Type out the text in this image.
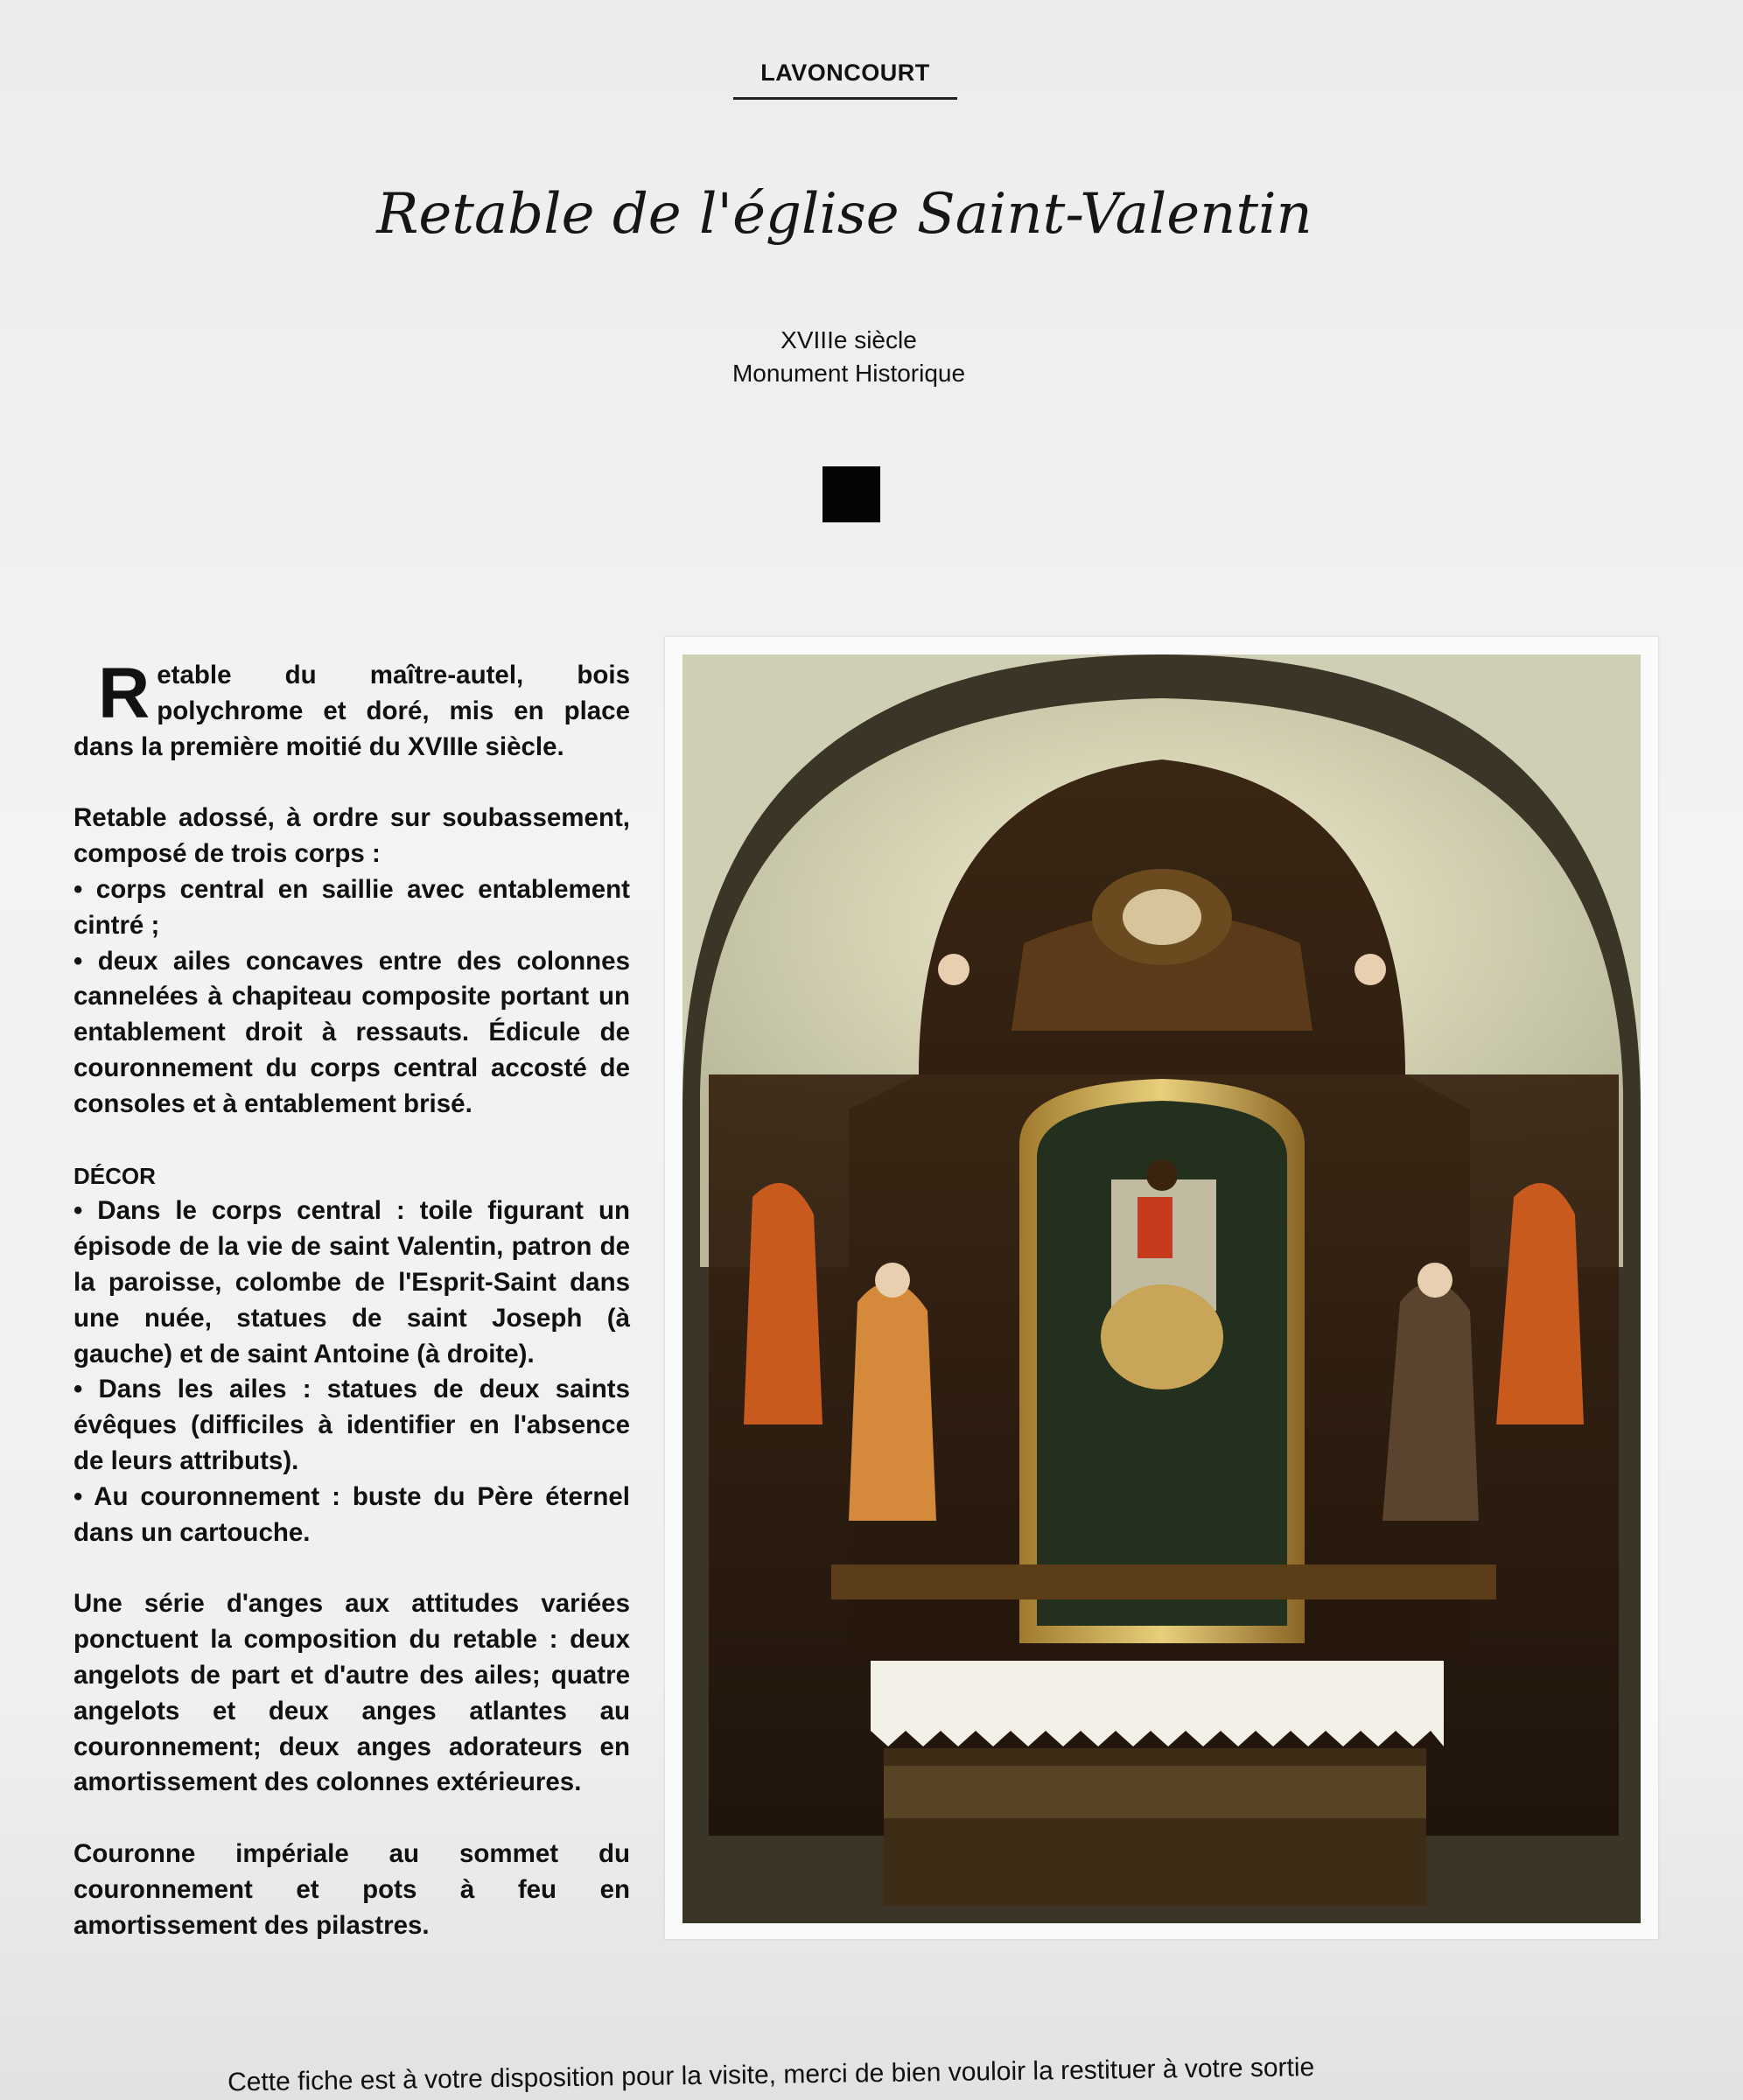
LAVONCOURT
Retable de l'église Saint-Valentin
XVIIIe siècle
Monument Historique

Retable du maître-autel, bois polychrome et doré, mis en place dans la première moitié du XVIIIe siècle.

Retable adossé, à ordre sur soubassement, composé de trois corps :
• corps central en saillie avec entablement cintré ;
• deux ailes concaves entre des colonnes cannelées à chapiteau composite portant un entablement droit à ressauts. Édicule de couronnement du corps central accosté de consoles et à entablement brisé.

DÉCOR
• Dans le corps central : toile figurant un épisode de la vie de saint Valentin, patron de la paroisse, colombe de l'Esprit-Saint dans une nuée, statues de saint Joseph (à gauche) et de saint Antoine (à droite).
• Dans les ailes : statues de deux saints évêques (difficiles à identifier en l'absence de leurs attributs).
• Au couronnement : buste du Père éternel dans un cartouche.

Une série d'anges aux attitudes variées ponctuent la composition du retable : deux angelots de part et d'autre des ailes; quatre angelots et deux anges atlantes au couronnement; deux anges adorateurs en amortissement des colonnes extérieures.

Couronne impériale au sommet du couronnement et pots à feu en amortissement des pilastres.

Cette fiche est à votre disposition pour la visite, merci de bien vouloir la restituer à votre sortie
